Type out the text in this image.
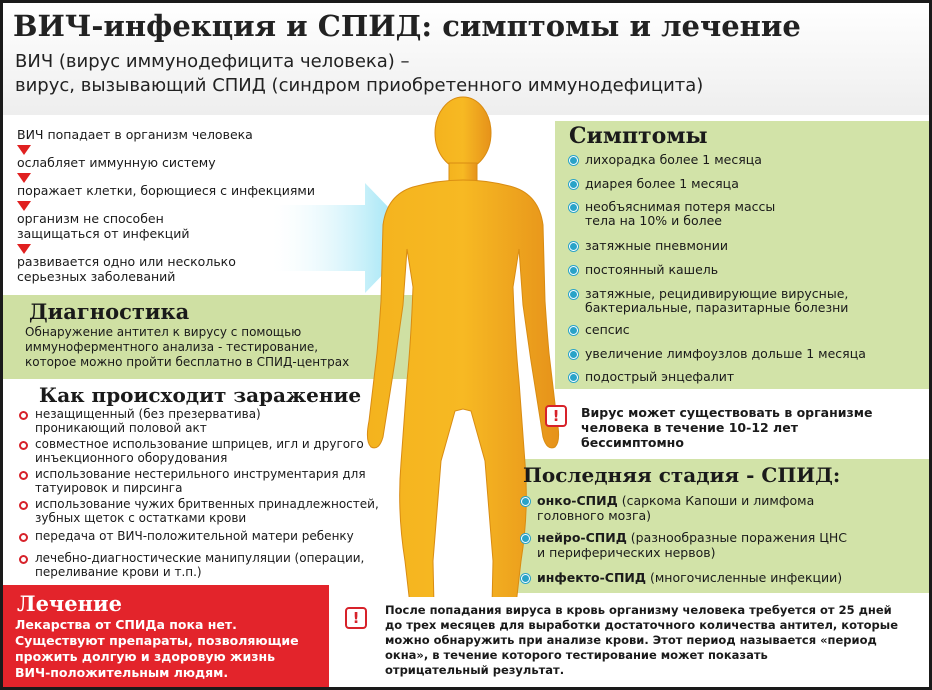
ВИЧ-инфекция и СПИД: симптомы и лечение
ВИЧ (вирус иммунодефицита человека) –
вирус, вызывающий СПИД (синдром приобретенного иммунодефицита)
ВИЧ попадает в организм человека
ослабляет иммунную систему
поражает клетки, борющиеся с инфекциями
организм не способен
защищаться от инфекций
развивается одно или несколько
серьезных заболеваний
Диагностика
Обнаружение антител к вирусу с помощью
иммуноферментного анализа - тестирование,
которое можно пройти бесплатно в СПИД-центрах
Как происходит заражение
незащищенный (без презерватива)
проникающий половой акт
совместное использование шприцев, игл и другого
инъекционного оборудования
использование нестерильного инструментария для
татуировок и пирсинга
использование чужих бритвенных принадлежностей,
зубных щеток с остатками крови
передача от ВИЧ-положительной матери ребенку
лечебно-диагностические манипуляции (операции,
переливание крови и т.п.)
Лечение
Лекарства от СПИДа пока нет.
Существуют препараты, позволяющие
прожить долгую и здоровую жизнь
ВИЧ-положительным людям.
Симптомы
лихорадка более 1 месяца
диарея более 1 месяца
необъяснимая потеря массы
тела на 10% и более
затяжные пневмонии
постоянный кашель
затяжные, рецидивирующие вирусные,
бактериальные, паразитарные болезни
сепсис
увеличение лимфоузлов дольше 1 месяца
подострый энцефалит
!	Вирус может существовать в организме
человека в течение 10-12 лет
бессимптомно
Последняя стадия - СПИД:
онко-СПИД (саркома Капоши и лимфома
головного мозга)
нейро-СПИД (разнообразные поражения ЦНС
и периферических нервов)
инфекто-СПИД (многочисленные инфекции)
!	После попадания вируса в кровь организму человека требуется от 25 дней
до трех месяцев для выработки достаточного количества антител, которые
можно обнаружить при анализе крови. Этот период называется «период
окна», в течение которого тестирование может показать
отрицательный результат.
